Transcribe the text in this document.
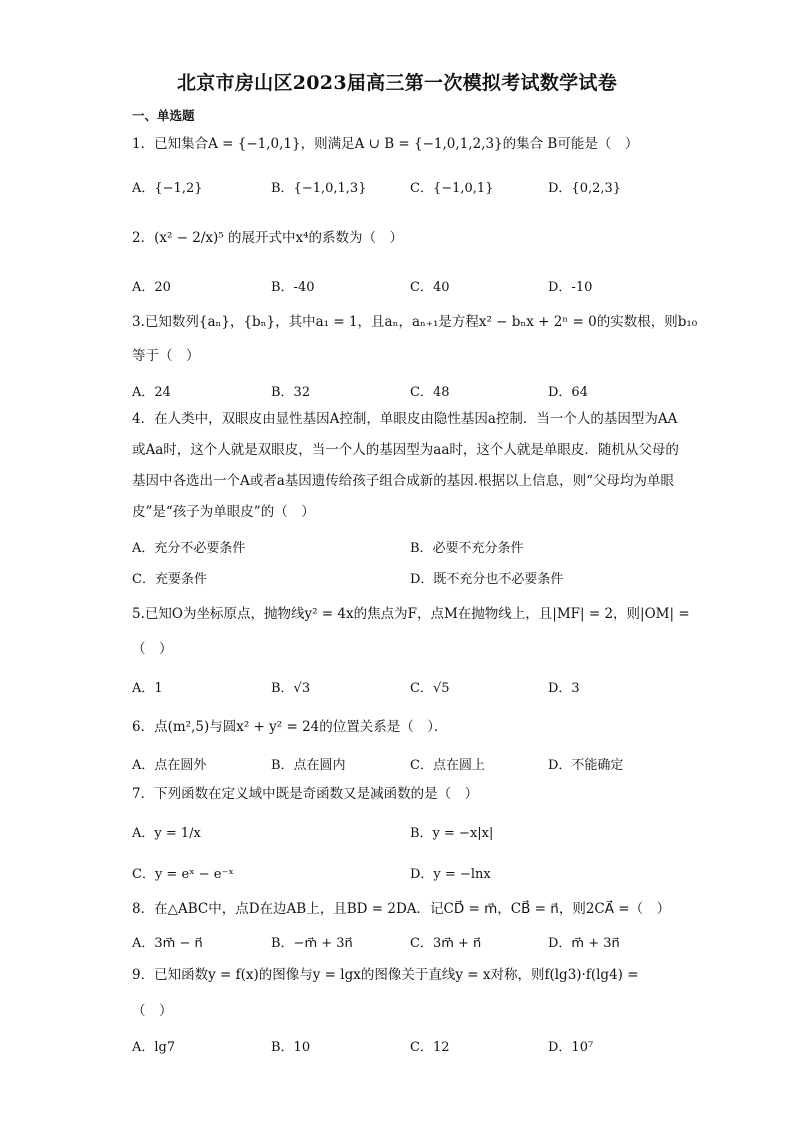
北京市房山区2023届高三第一次模拟考试数学试卷
一、单选题
1．已知集合A = {−1,0,1}，则满足A ∪ B = {−1,0,1,2,3}的集合 B可能是（　）
A．{−1,2}	B．{−1,0,1,3}	C．{−1,0,1}	D．{0,2,3}
2．(x² − 2/x)⁵ 的展开式中x⁴的系数为（　）
A．20	B．-40	C．40	D．-10
3.已知数列{aₙ}，{bₙ}，其中a₁ = 1，且aₙ，aₙ₊₁是方程x² − bₙx + 2ⁿ = 0的实数根，则b₁₀
等于（　）
A．24	B．32	C．48	D．64
4．在人类中，双眼皮由显性基因A控制，单眼皮由隐性基因a控制．当一个人的基因型为AA或Aa时，这个人就是双眼皮，当一个人的基因型为aa时，这个人就是单眼皮．随机从父母的基因中各选出一个A或者a基因遗传给孩子组合成新的基因.根据以上信息，则“父母均为单眼皮”是“孩子为单眼皮”的（　）
A．充分不必要条件	B．必要不充分条件
C．充要条件	D．既不充分也不必要条件
5.已知O为坐标原点，抛物线y² = 4x的焦点为F，点M在抛物线上，且|MF| = 2，则|OM| =
（　）
A．1	B．√3	C．√5	D．3
6．点(m²,5)与圆x² + y² = 24的位置关系是（　）．
A．点在圆外	B．点在圆内	C．点在圆上	D．不能确定
7．下列函数在定义域中既是奇函数又是减函数的是（　）
A．y = 1/x	B．y = −x|x|
C．y = eˣ − e⁻ˣ	D．y = −lnx
8．在△ABC中，点D在边AB上，且BD = 2DA．记CD⃗ = m⃗，CB⃗ = n⃗，则2CA⃗ =（　）
A．3m⃗ − n⃗	B．−m⃗ + 3n⃗	C．3m⃗ + n⃗	D．m⃗ + 3n⃗
9．已知函数y = f(x)的图像与y = lgx的图像关于直线y = x对称，则f(lg3)·f(lg4) =
（　）
A．lg7	B．10	C．12	D．10⁷
